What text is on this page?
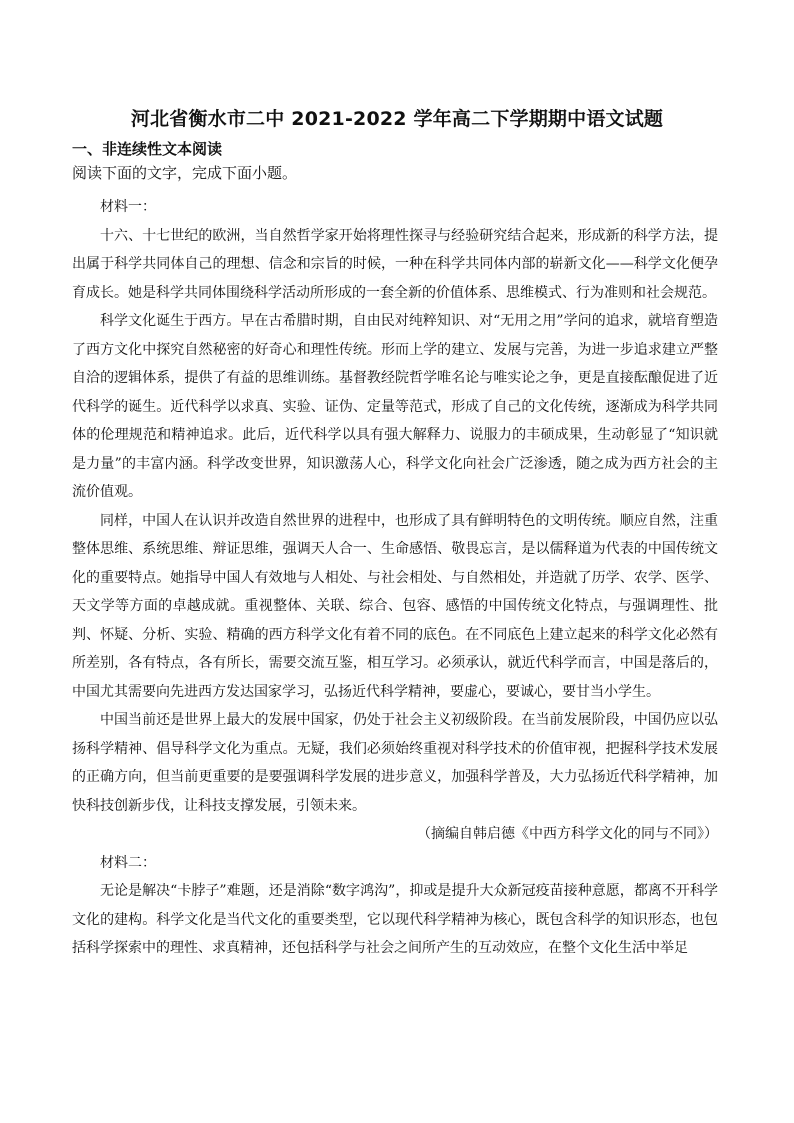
河北省衡水市二中 2021-2022 学年高二下学期期中语文试题
一、非连续性文本阅读
阅读下面的文字，完成下面小题。

材料一：

十六、十七世纪的欧洲，当自然哲学家开始将理性探寻与经验研究结合起来，形成新的科学方法，提出属于科学共同体自己的理想、信念和宗旨的时候，一种在科学共同体内部的崭新文化——科学文化便孕育成长。她是科学共同体围绕科学活动所形成的一套全新的价值体系、思维模式、行为准则和社会规范。

科学文化诞生于西方。早在古希腊时期，自由民对纯粹知识、对“无用之用”学问的追求，就培育塑造了西方文化中探究自然秘密的好奇心和理性传统。形而上学的建立、发展与完善，为进一步追求建立严整自洽的逻辑体系，提供了有益的思维训练。基督教经院哲学唯名论与唯实论之争，更是直接酝酿促进了近代科学的诞生。近代科学以求真、实验、证伪、定量等范式，形成了自己的文化传统，逐渐成为科学共同体的伦理规范和精神追求。此后，近代科学以具有强大解释力、说服力的丰硕成果，生动彰显了“知识就是力量”的丰富内涵。科学改变世界，知识激荡人心，科学文化向社会广泛渗透，随之成为西方社会的主流价值观。

同样，中国人在认识并改造自然世界的进程中，也形成了具有鲜明特色的文明传统。顺应自然，注重整体思维、系统思维、辩证思维，强调天人合一、生命感悟、敬畏忘言，是以儒释道为代表的中国传统文化的重要特点。她指导中国人有效地与人相处、与社会相处、与自然相处，并造就了历学、农学、医学、天文学等方面的卓越成就。重视整体、关联、综合、包容、感悟的中国传统文化特点，与强调理性、批判、怀疑、分析、实验、精确的西方科学文化有着不同的底色。在不同底色上建立起来的科学文化必然有所差别，各有特点，各有所长，需要交流互鉴，相互学习。必须承认，就近代科学而言，中国是落后的，中国尤其需要向先进西方发达国家学习，弘扬近代科学精神，要虚心，要诚心，要甘当小学生。

中国当前还是世界上最大的发展中国家，仍处于社会主义初级阶段。在当前发展阶段，中国仍应以弘扬科学精神、倡导科学文化为重点。无疑，我们必须始终重视对科学技术的价值审视，把握科学技术发展的正确方向，但当前更重要的是要强调科学发展的进步意义，加强科学普及，大力弘扬近代科学精神，加快科技创新步伐，让科技支撑发展，引领未来。

（摘编自韩启德《中西方科学文化的同与不同》）

材料二：

无论是解决“卡脖子”难题，还是消除“数字鸿沟”，抑或是提升大众新冠疫苗接种意愿，都离不开科学文化的建构。科学文化是当代文化的重要类型，它以现代科学精神为核心，既包含科学的知识形态，也包括科学探索中的理性、求真精神，还包括科学与社会之间所产生的互动效应，在整个文化生活中举足
